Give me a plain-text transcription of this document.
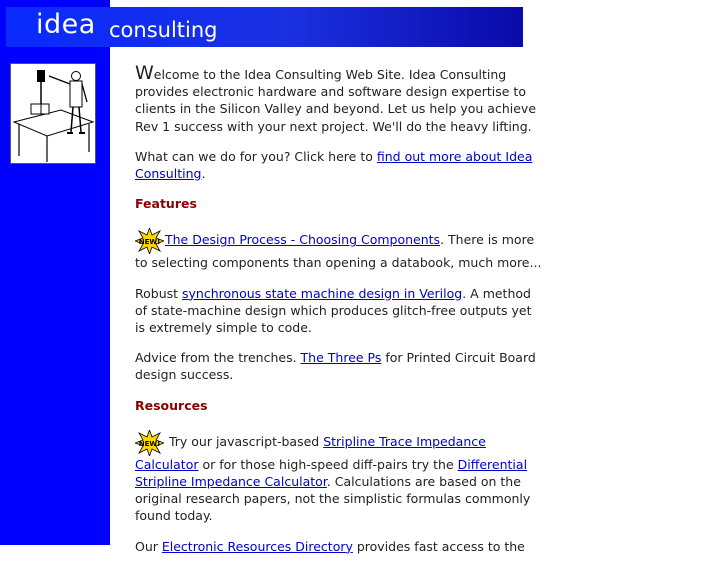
idea consulting

Welcome to the Idea Consulting Web Site. Idea Consulting provides electronic hardware and software design expertise to clients in the Silicon Valley and beyond. Let us help you achieve Rev 1 success with your next project. We'll do the heavy lifting.

What can we do for you? Click here to find out more about Idea Consulting.

Features

NEW! The Design Process - Choosing Components. There is more to selecting components than opening a databook, much more...

Robust synchronous state machine design in Verilog. A method of state-machine design which produces glitch-free outputs yet is extremely simple to code.

Advice from the trenches. The Three Ps for Printed Circuit Board design success.

Resources

NEW! Try our javascript-based Stripline Trace Impedance Calculator or for those high-speed diff-pairs try the Differential Stripline Impedance Calculator. Calculations are based on the original research papers, not the simplistic formulas commonly found today.

Our Electronic Resources Directory provides fast access to the
